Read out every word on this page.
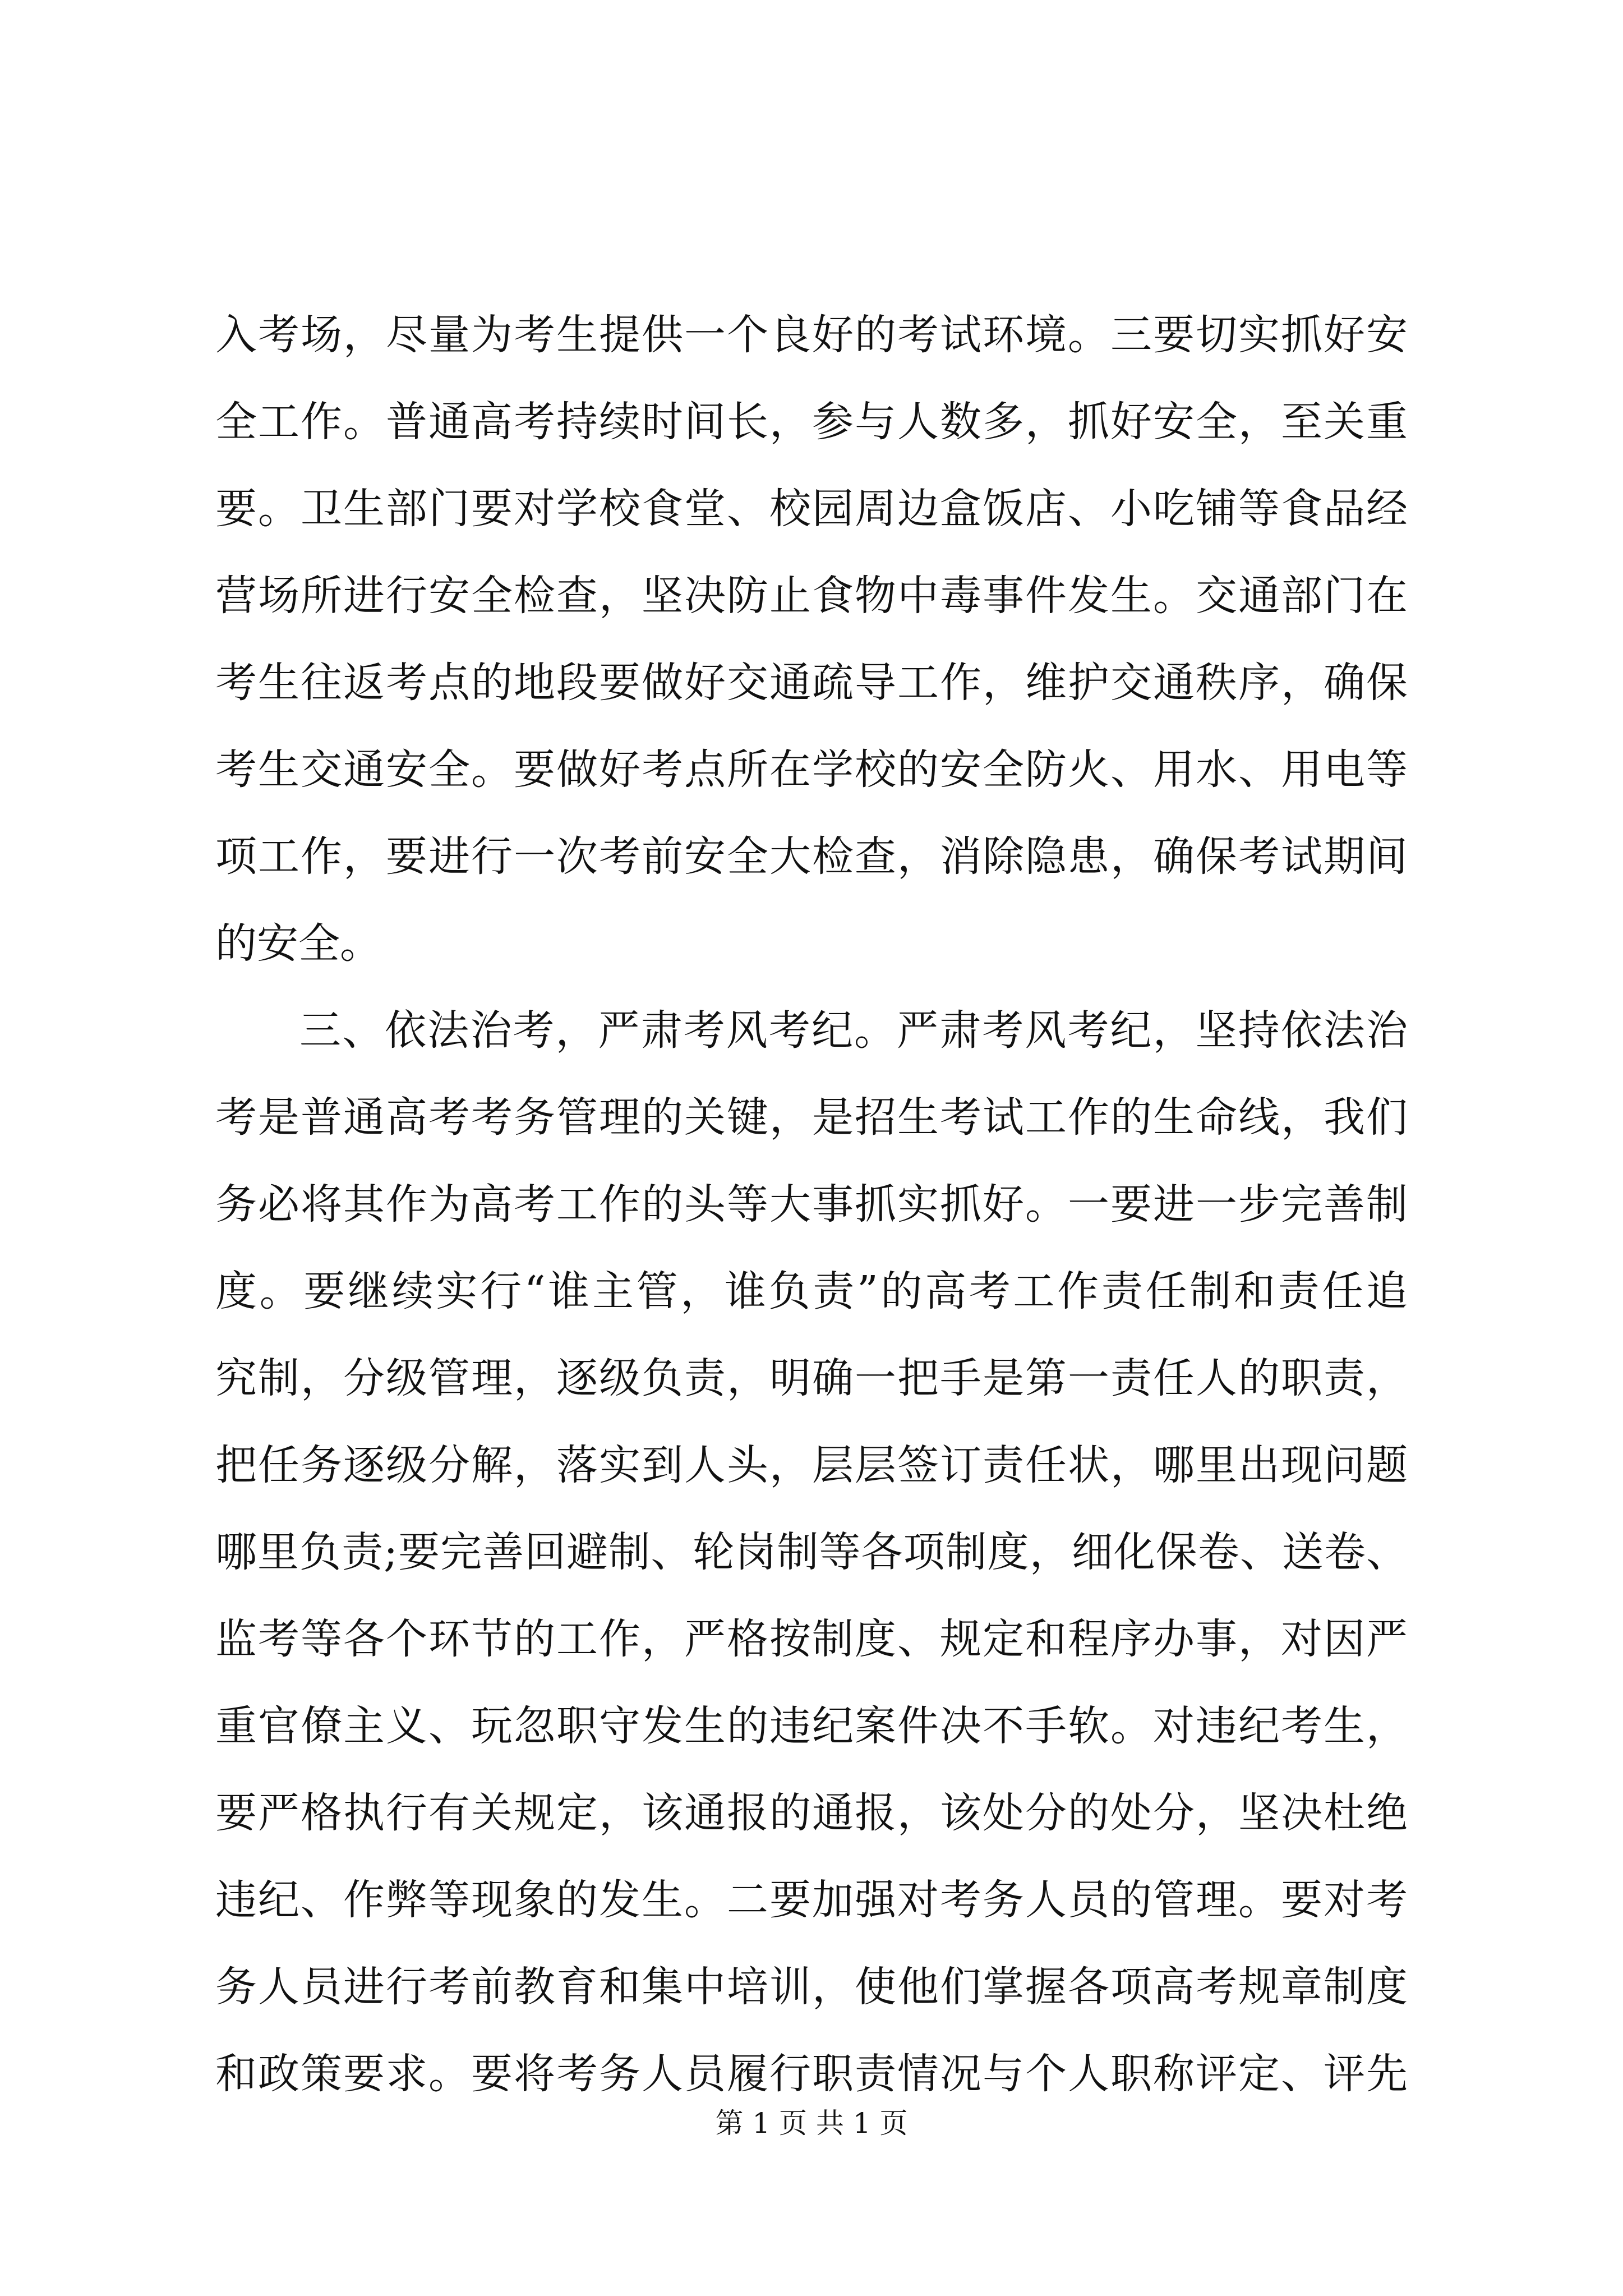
入考场，尽量为考生提供一个良好的考试环境。三要切实抓好安
全工作。普通高考持续时间长，参与人数多，抓好安全，至关重
要。卫生部门要对学校食堂、校园周边盒饭店、小吃铺等食品经
营场所进行安全检查，坚决防止食物中毒事件发生。交通部门在
考生往返考点的地段要做好交通疏导工作，维护交通秩序，确保
考生交通安全。要做好考点所在学校的安全防火、用水、用电等
项工作，要进行一次考前安全大检查，消除隐患，确保考试期间
的安全。
三、依法治考，严肃考风考纪。严肃考风考纪，坚持依法治
考是普通高考考务管理的关键，是招生考试工作的生命线，我们
务必将其作为高考工作的头等大事抓实抓好。一要进一步完善制
度。要继续实行“谁主管，谁负责”的高考工作责任制和责任追
究制，分级管理，逐级负责，明确一把手是第一责任人的职责，
把任务逐级分解，落实到人头，层层签订责任状，哪里出现问题
哪里负责;要完善回避制、轮岗制等各项制度，细化保卷、送卷、
监考等各个环节的工作，严格按制度、规定和程序办事，对因严
重官僚主义、玩忽职守发生的违纪案件决不手软。对违纪考生，
要严格执行有关规定，该通报的通报，该处分的处分，坚决杜绝
违纪、作弊等现象的发生。二要加强对考务人员的管理。要对考
务人员进行考前教育和集中培训，使他们掌握各项高考规章制度
和政策要求。要将考务人员履行职责情况与个人职称评定、评先
第 1 页 共 1 页
